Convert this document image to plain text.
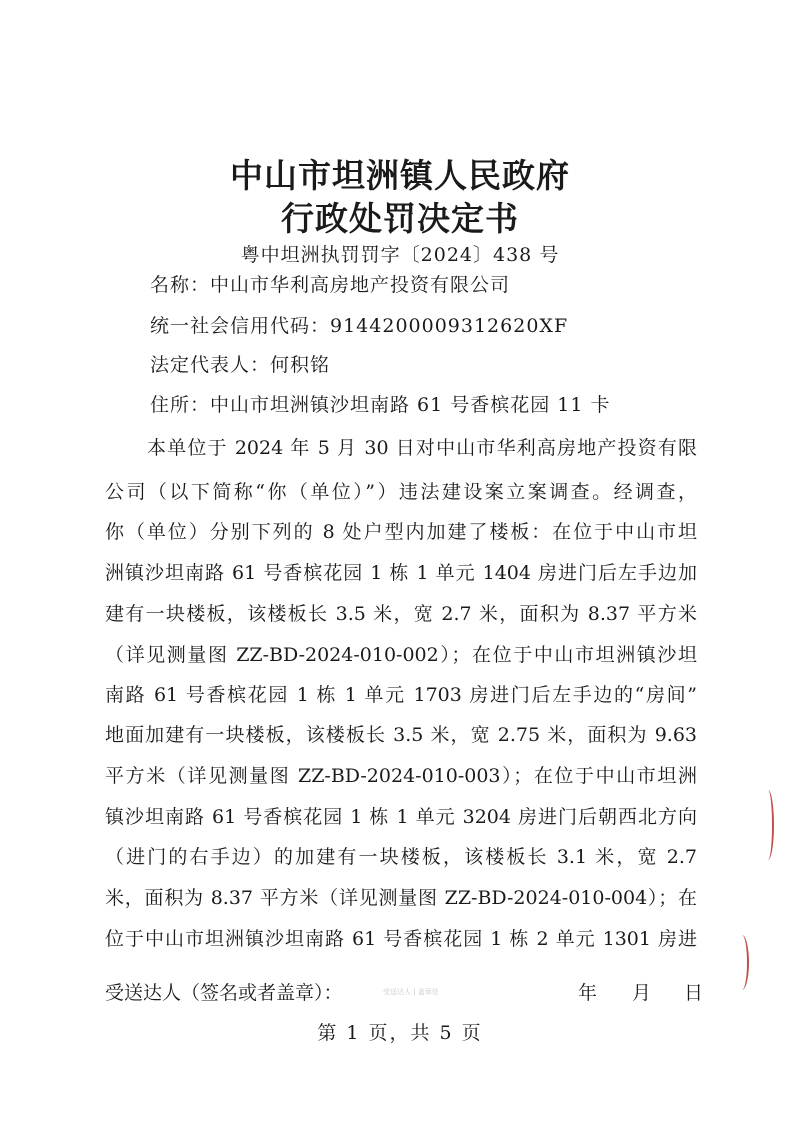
中山市坦洲镇人民政府
行政处罚决定书
粤中坦洲执罚罚字〔2024〕438 号
名称：中山市华利高房地产投资有限公司
统一社会信用代码：9144200009312620XF
法定代表人：何积铭
住所：中山市坦洲镇沙坦南路 61 号香槟花园 11 卡
本单位于 2024 年 5 月 30 日对中山市华利高房地产投资有限
公司（以下简称“你（单位）”）违法建设案立案调查。经调查，
你（单位）分别下列的 8 处户型内加建了楼板：在位于中山市坦
洲镇沙坦南路 61 号香槟花园 1 栋 1 单元 1404 房进门后左手边加
建有一块楼板，该楼板长 3.5 米，宽 2.7 米，面积为 8.37 平方米
（详见测量图 ZZ-BD-2024-010-002）；在位于中山市坦洲镇沙坦
南路 61 号香槟花园 1 栋 1 单元 1703 房进门后左手边的“房间”
地面加建有一块楼板，该楼板长 3.5 米，宽 2.75 米，面积为 9.63
平方米（详见测量图 ZZ-BD-2024-010-003）；在位于中山市坦洲
镇沙坦南路 61 号香槟花园 1 栋 1 单元 3204 房进门后朝西北方向
（进门的右手边）的加建有一块楼板，该楼板长 3.1 米，宽 2.7
米，面积为 8.37 平方米（详见测量图 ZZ-BD-2024-010-004）；在
位于中山市坦洲镇沙坦南路 61 号香槟花园 1 栋 2 单元 1301 房进
受送达人（签名或者盖章）：	受送达人 | 盖章处	年 月 日
第 1 页，共 5 页
